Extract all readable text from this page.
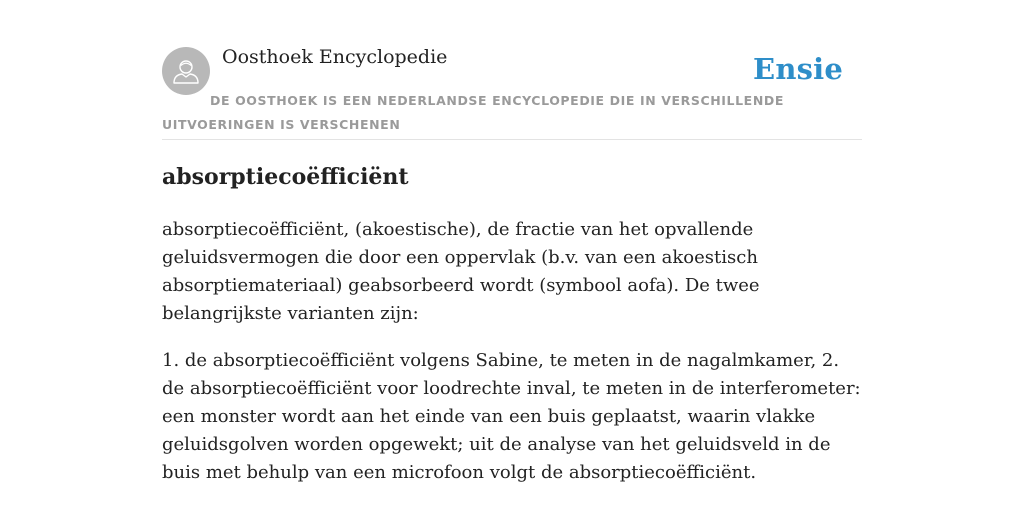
Oosthoek Encyclopedie	Ensie
DE OOSTHOEK IS EEN NEDERLANDSE ENCYCLOPEDIE DIE IN VERSCHILLENDE UITVOERINGEN IS VERSCHENEN
absorptiecoëfficiënt

absorptiecoëfficiënt, (akoestische), de fractie van het opvallende geluidsvermogen die door een oppervlak (b.v. van een akoestisch absorptiemateriaal) geabsorbeerd wordt (symbool aofa). De twee belangrijkste varianten zijn:

1. de absorptiecoëfficiënt volgens Sabine, te meten in de nagalmkamer, 2. de absorptiecoëfficiënt voor loodrechte inval, te meten in de interferometer: een monster wordt aan het einde van een buis geplaatst, waarin vlakke geluidsgolven worden opgewekt; uit de analyse van het geluidsveld in de buis met behulp van een microfoon volgt de absorptiecoëfficiënt.
